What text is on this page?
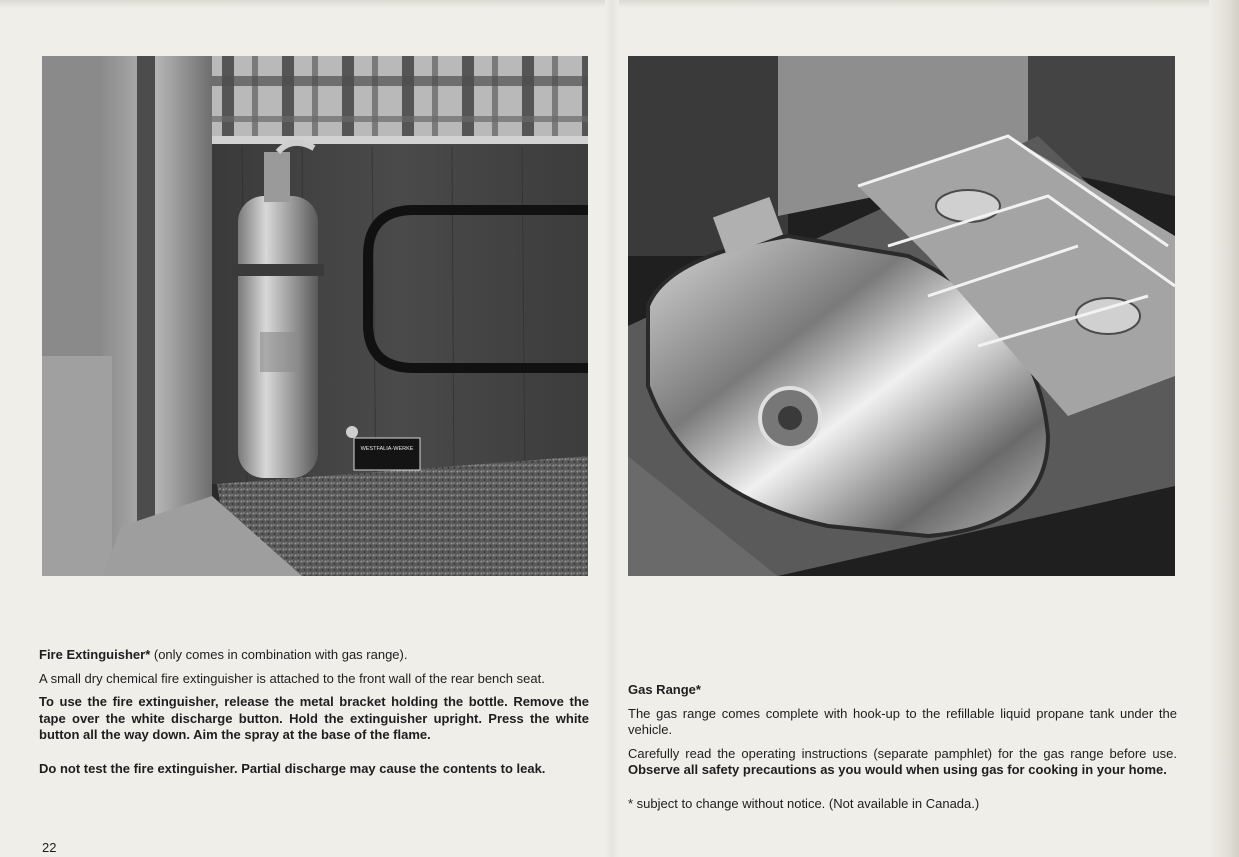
WESTFALIA-WERKE

Fire Extinguisher* (only comes in combination with gas range).

A small dry chemical fire extinguisher is attached to the front wall of the rear bench seat.

To use the fire extinguisher, release the metal bracket holding the bottle. Remove the tape over the white discharge button. Hold the extinguisher upright. Press the white button all the way down. Aim the spray at the base of the flame.

Do not test the fire extinguisher. Partial discharge may cause the contents to leak.

22

Gas Range*

The gas range comes complete with hook-up to the refillable liquid propane tank under the vehicle.

Carefully read the operating instructions (separate pamphlet) for the gas range before use. Observe all safety precautions as you would when using gas for cooking in your home.

* subject to change without notice. (Not available in Canada.)
